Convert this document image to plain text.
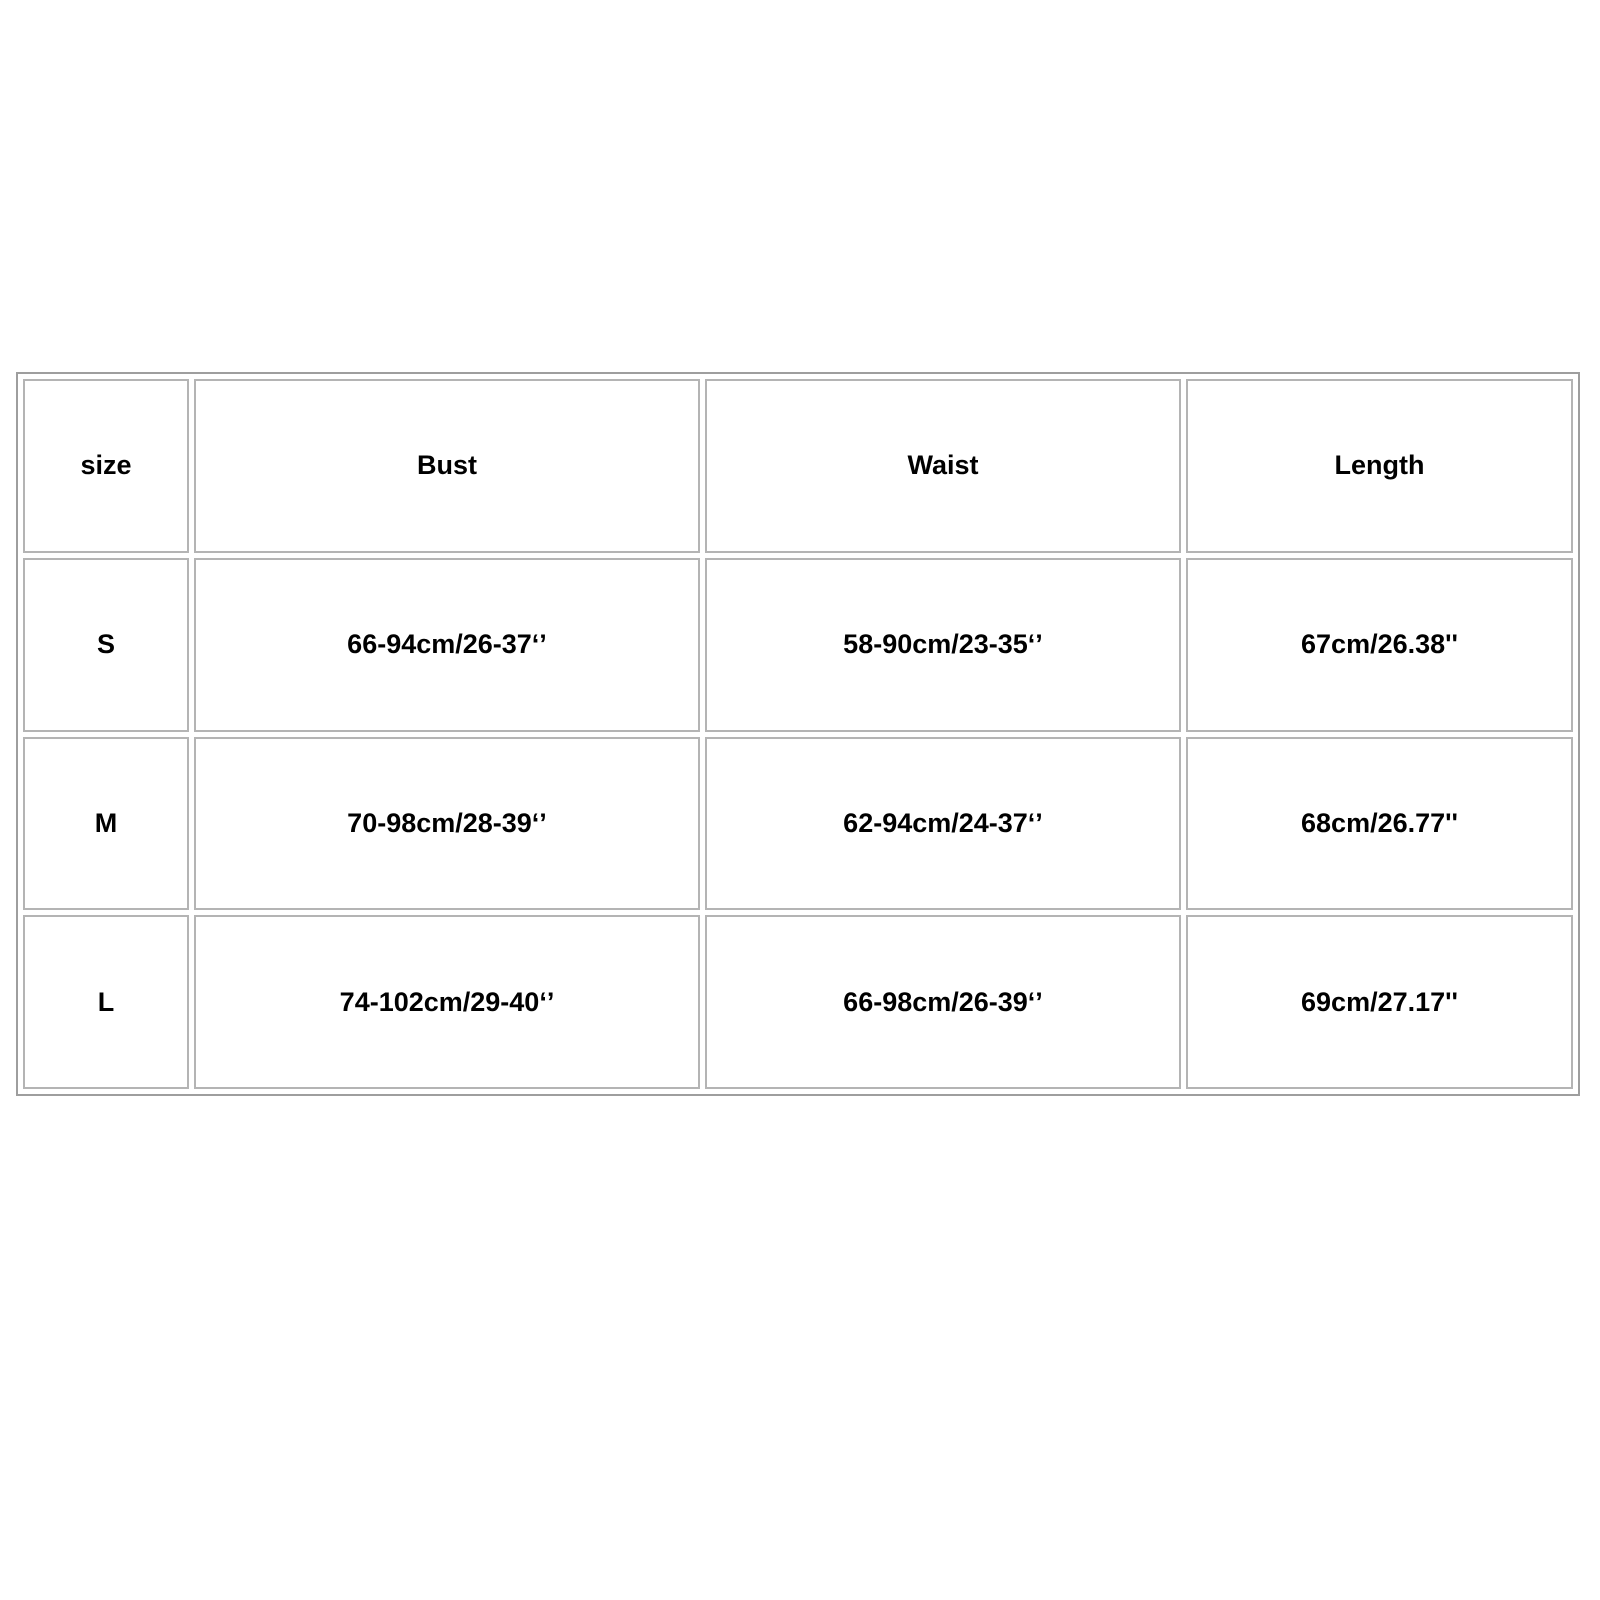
size	Bust	Waist	Length
S	66-94cm/26-37‘’	58-90cm/23-35‘’	67cm/26.38''
M	70-98cm/28-39‘’	62-94cm/24-37‘’	68cm/26.77''
L	74-102cm/29-40‘’	66-98cm/26-39‘’	69cm/27.17''
